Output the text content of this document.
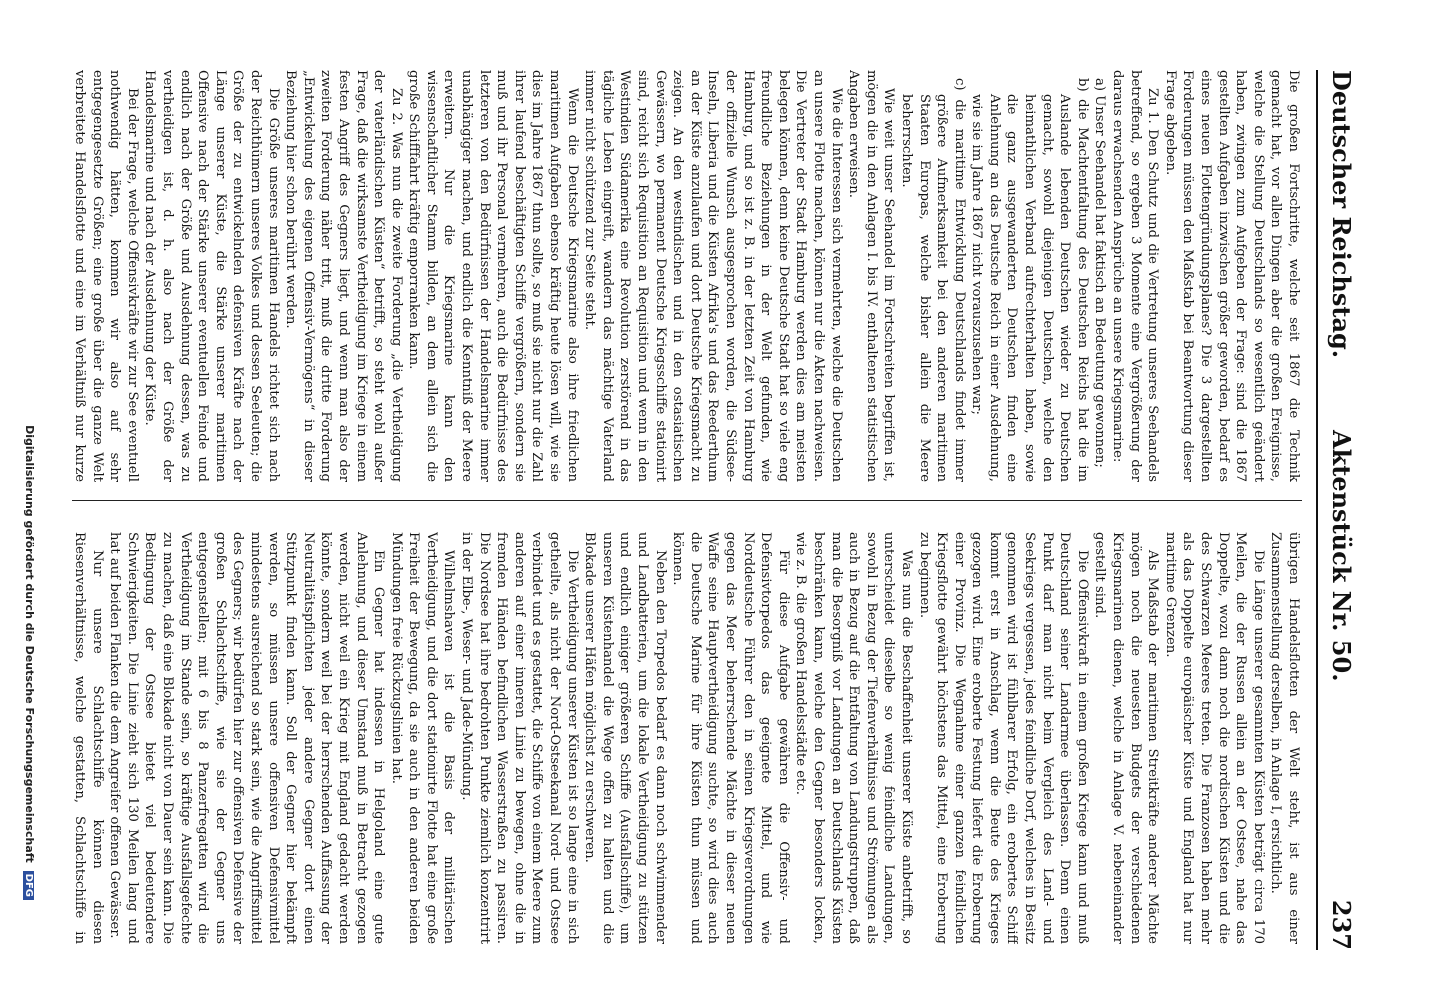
Deutscher Reichstag.
Aktenstück Nr. 50.
237

Die großen Fortschritte, welche seit 1867 die Technik gemacht hat, vor allen Dingen aber die großen Ereignisse, welche die Stellung Deutschlands so wesentlich geändert haben, zwingen zum Aufgeben der Frage: sind die 1867 gestellten Aufgaben inzwischen größer geworden, bedarf es eines neuen Flottengründungsplanes? Die 3 dargestellten Forderungen müssen den Maßstab bei Beantwortung dieser Frage abgeben.

Zu 1. Den Schutz und die Vertretung unseres Seehandels betreffend, so ergeben 3 Momente eine Vergrößerung der daraus erwachsenden Ansprüche an unsere Kriegsmarine:

a) Unser Seehandel hat faktisch an Bedeutung gewonnen;

b) die Machtentfaltung des Deutschen Reichs hat die im Auslande lebenden Deutschen wieder zu Deutschen gemacht, sowohl diejenigen Deutschen, welche den heimathlichen Verband aufrechterhalten haben, sowie die ganz ausgewanderten Deutschen finden eine Anlehnung an das Deutsche Reich in einer Ausdehnung, wie sie im Jahre 1867 nicht vorauszusehen war;

c) die maritime Entwicklung Deutschlands findet immer größere Aufmerksamkeit bei den anderen maritimen Staaten Europas, welche bisher allein die Meere beherrschten.

Wie weit unser Seehandel im Fortschreiten begriffen ist, mögen die in den Anlagen I. bis IV. enthaltenen statistischen Angaben erweisen.

Wie die Interessen sich vermehrten, welche die Deutschen an unsere Flotte machen, können nur die Akten nachweisen. Die Vertreter der Stadt Hamburg werden dies am meisten belegen können, denn keine Deutsche Stadt hat so viele eng freundliche Beziehungen in der Welt gefunden, wie Hamburg, und so ist z. B. in der letzten Zeit von Hamburg der offizielle Wunsch ausgesprochen worden, die Südsee-Inseln, Liberia und die Küsten Afrika's und das Reederthum an der Küste anzulaufen und dort Deutsche Kriegsmacht zu zeigen. An den westindischen und in den ostasiatischen Gewässern, wo permanent Deutsche Kriegsschiffe stationirt sind, reicht sich Requisition an Requisition und wenn in den Westindien Südamerika eine Revolution zerstörend in das tägliche Leben eingreift, wandern das mächtige Vaterland immer nicht schützend zur Seite steht.

Wenn die Deutsche Kriegsmarine also ihre friedlichen maritimen Aufgaben ebenso kräftig heute lösen will, wie sie dies im Jahre 1867 thun sollte, so muß sie nicht nur die Zahl ihrer laufend beschäftigten Schiffe vergrößern, sondern sie muß und ihr Personal vermehren, auch die Bedürfnisse des letzteren von den Bedürfnissen der Handelsmarine immer unabhängiger machen, und endlich die Kenntniß der Meere erweitern. Nur die Kriegsmarine kann den wissenschaftlicher Stamm bilden, an dem allein sich die große Schifffahrt kräftig emporranken kann.

Zu 2. Was nun die zweite Forderung „die Vertheidigung der vaterländischen Küsten“ betrifft, so steht wohl außer Frage, daß die wirksamste Vertheidigung im Kriege in einem festen Angriff des Gegners liegt, und wenn man also der zweiten Forderung näher tritt, muß die dritte Forderung „Entwickelung des eigenen Offensiv-Vermögens“ in dieser Beziehung hier schon berührt werden.

Die Größe unseres maritimen Handels richtet sich nach der Reichthümern unseres Volkes und dessen Seeleuten; die Größe der zu entwickelnden defensiven Kräfte nach der Länge unserer Küste, die Stärke unserer maritimen Offensive nach der Stärke unserer eventuellen Feinde und endlich nach der Größe und Ausdehnung dessen, was zu vertheidigen ist, d. h. also nach der Größe der Handelsmarine und nach der Ausdehnung der Küste.

Bei der Frage, welche Offensivkräfte wir zur See eventuell nothwendig hätten, kommen wir also auf sehr entgegengesetzte Größen; eine große über die ganze Welt verbreitete Handelsflotte und eine im Verhältniß nur kurze

übrigen Handelsflotten der Welt steht, ist aus einer Zusammenstellung derselben, in Anlage I, ersichtlich.

Die Länge unserer gesammten Küsten beträgt circa 170 Meilen, die der Russen allein an der Ostsee, nahe das Doppelte, wozu dann noch die nordischen Küsten und die des Schwarzen Meeres treten. Die Franzosen haben mehr als das Doppelte europäischer Küste und England hat nur maritime Grenzen.

Als Maßstab der maritimen Streitkräfte anderer Mächte mögen noch die neuesten Budgets der verschiedenen Kriegsmarinen dienen, welche in Anlage V. nebeneinander gestellt sind.

Die Offensivkraft in einem großen Kriege kann und muß Deutschland seiner Landarmee überlassen. Denn einen Punkt darf man nicht beim Vergleich des Land- und Seekriegs vergessen, jedes feindliche Dorf, welches in Besitz genommen wird ist fühlbarer Erfolg, ein erobertes Schiff kommt erst in Anschlag, wenn die Beute des Krieges gezogen wird. Eine eroberte Festung liefert die Eroberung einer Provinz. Die Wegnahme einer ganzen feindlichen Kriegsflotte gewährt höchstens das Mittel, eine Eroberung zu beginnen.

Was nun die Beschaffenheit unserer Küste anbetrifft, so unterscheidet dieselbe so wenig feindliche Landungen, sowohl in Bezug der Tiefenverhältnisse und Strömungen als auch in Bezug auf die Entfaltung von Landungstruppen, daß man die Besorgniß vor Landungen an Deutschlands Küsten beschränken kann, welche den Gegner besonders locken, wie z. B. die großen Handelsstädte etc.

Für diese Aufgabe gewähren die Offensiv- und Defensivtorpedos das geeignete Mittel, und wie Norddeutsche Führer den in seinen Kriegsverordnungen gegen das Meer beherrschende Mächte in dieser neuen Waffe seine Hauptvertheidigung suchte, so wird dies auch die Deutsche Marine für ihre Küsten thun müssen und können.

Neben den Torpedos bedarf es dann noch schwimmender und Landbatterien, um die lokale Vertheidigung zu stützen und endlich einiger größeren Schiffe (Ausfallschiffe), um unseren Küstenhandel die Wege offen zu halten und die Blokade unserer Häfen möglichst zu erschweren.

Die Vertheidigung unserer Küsten ist so lange eine in sich getheilte, als nicht der Nord-Ostseekanal Nord- und Ostsee verbindet und es gestattet, die Schiffe von einem Meere zum anderen auf einer inneren Linie zu bewegen, ohne die in fremden Händen befindlichen Wasserstraßen zu passiren. Die Nordsee hat ihre bedrohten Punkte ziemlich konzentrirt in der Elbe-, Weser- und Jade-Mündung.

Wilhelmshaven ist die Basis der militärischen Vertheidigung, und die dort stationirte Flotte hat eine große Freiheit der Bewegung, da sie auch in den anderen beiden Mündungen freie Rückzugslinien hat.

Ein Gegner hat indessen in Helgoland eine gute Anlehnung, und dieser Umstand muß in Betracht gezogen werden, nicht weil ein Krieg mit England gedacht werden könnte, sondern weil bei der herrschenden Auffassung der Neutralitätspflichten jeder andere Gegner dort einen Stützpunkt finden kann. Soll der Gegner hier bekämpft werden, so müssen unsere offensiven Defensivmittel mindestens ausreichend so stark sein, wie die Angriffsmittel des Gegners; wir bedürfen hier zur offensiven Defensive der großen Schlachtschiffe, wie sie der Gegner uns entgegenstellen; mit 6 bis 8 Panzerfregatten wird die Vertheidigung im Stande sein, so kräftige Ausfallsgefechte zu machen, daß eine Blokade nicht von Dauer sein kann. Die Bedingung der Ostsee bietet viel bedeutendere Schwierigkeiten. Die Linie zieht sich 130 Meilen lang und hat auf beiden Flanken die dem Angreifer offenen Gewässer.

Nur unsere Schlachtschiffe können diesen Riesenverhältnisse, welche gestatten, Schlachtschiffe in

Digitalisierung gefördert durch die Deutsche Forschungsgemeinschaft DFG
